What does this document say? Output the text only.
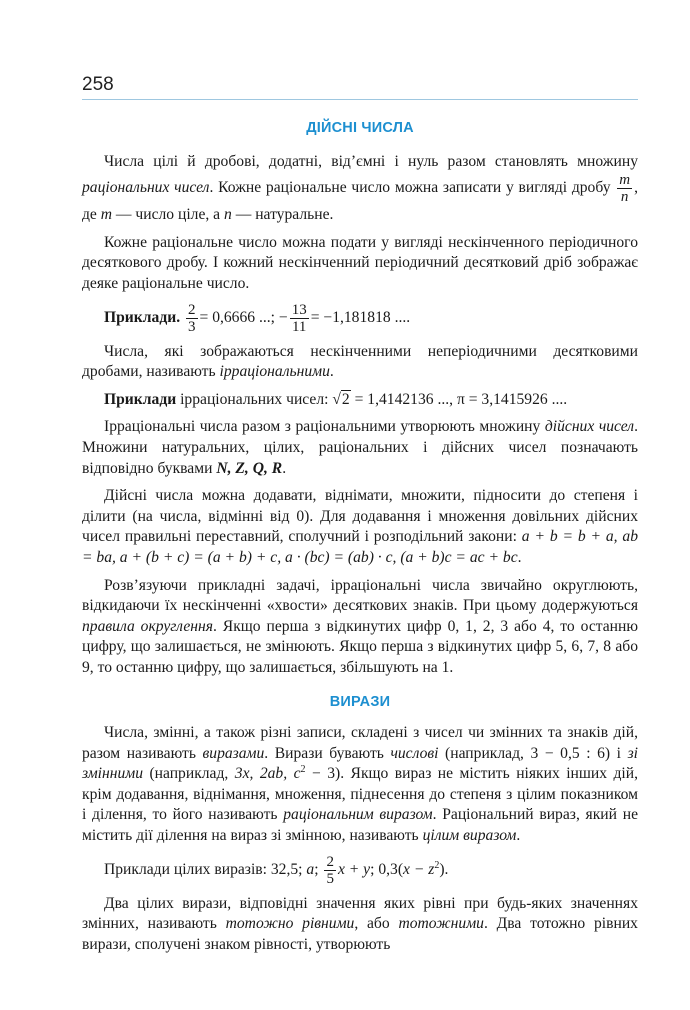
258
ДІЙСНІ ЧИСЛА

Числа цілі й дробові, додатні, від’ємні і нуль разом становлять множину раціональних чисел. Кожне раціональне число можна записати у вигляді дробу $\frac{m}{n}$ , де m — число ціле, а n — натуральне.

Кожне раціональне число можна подати у вигляді нескінченного періодичного десяткового дробу. І кожний нескінченний періодичний десятковий дріб зображає деяке раціональне число.

Приклади. $\frac{2}{3} = 0,6666$ ...; − $\frac{13}{11} = -1,181818$ ....

Числа, які зображаються нескінченними неперіодичними десятковими дробами, називають ірраціональними.

Приклади ірраціональних чисел: √2 = 1,4142136 ..., π = 3,1415926 ....

Ірраціональні числа разом з раціональними утворюють множину дійсних чисел. Множини натуральних, цілих, раціональних і дійсних чисел позначають відповідно буквами N, Z, Q, R.

Дійсні числа можна додавати, віднімати, множити, підносити до степеня і ділити (на числа, відмінні від 0). Для додавання і множення довільних дійсних чисел правильні переставний, сполучний і розподільний закони: a + b = b + a, ab = ba, a + (b + c) = (a + b) + c, a · (bc) = (ab) · c, (a + b)c = ac + bc.

Розв’язуючи прикладні задачі, ірраціональні числа звичайно округлюють, відкидаючи їх нескінченні «хвости» десяткових знаків. При цьому додержуються правила округлення. Якщо перша з відкинутих цифр 0, 1, 2, 3 або 4, то останню цифру, що залишається, не змінюють. Якщо перша з відкинутих цифр 5, 6, 7, 8 або 9, то останню цифру, що залишається, збільшують на 1.

ВИРАЗИ

Числа, змінні, а також різні записи, складені з чисел чи змінних та знаків дій, разом називають виразами. Вирази бувають числові (наприклад, 3 − 0,5 : 6) і зі змінними (наприклад, 3x, 2ab, $c^2 - 3$). Якщо вираз не містить ніяких інших дій, крім додавання, віднімання, множення, піднесення до степеня з цілим показником і ділення, то його називають раціональним виразом. Раціональний вираз, який не містить дії ділення на вираз зі змінною, називають цілим виразом.

Приклади цілих виразів: 32,5; a; $\frac{2}{5}$ x + y; $0,3(x - z^2)$.

Два цілих вирази, відповідні значення яких рівні при будь-яких значеннях змінних, називають тотожно рівними, або тотожними. Два тотожно рівних вирази, сполучені знаком рівності, утворюють
